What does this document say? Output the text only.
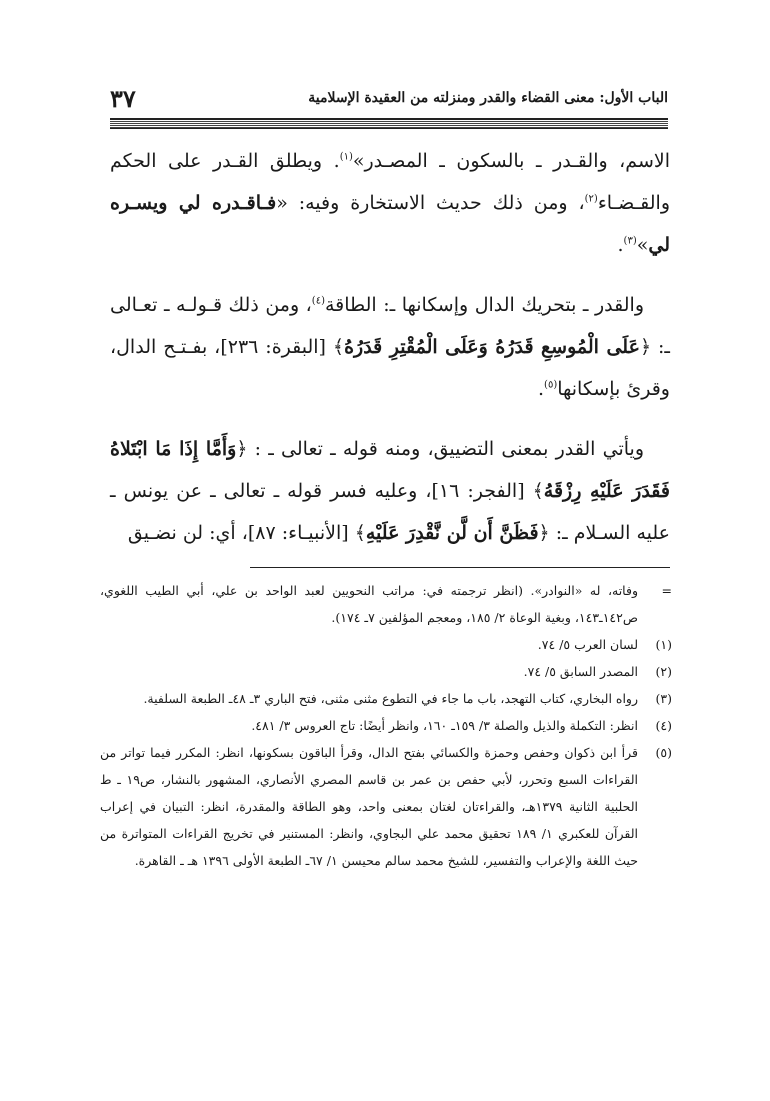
الباب الأول: معنى القضاء والقدر ومنزلته من العقيدة الإسلامية
٣٧

الاسم، والقـدر ـ بالسكون ـ المصـدر»$^{(١)}$. ويطلق القـدر على الحكم والقـضـاء$^{(٢)}$، ومن ذلك حديث الاستخارة وفيه: «فـاقـدره لي ويسـره لي»$^{(٣)}$.

والقدر ـ بتحريك الدال وإسكانها ـ: الطاقة$^{(٤)}$، ومن ذلك قـولـه ـ تعـالى ـ: ﴿عَلَى الْمُوسِعِ قَدَرُهُ وَعَلَى الْمُقْتِرِ قَدَرُهُ﴾ [البقرة: ٢٣٦]، بفـتـح الدال، وقرئ بإسكانها$^{(٥)}$.

ويأتي القدر بمعنى التضييق، ومنه قوله ـ تعالى ـ : ﴿وَأَمَّا إِذَا مَا ابْتَلاهُ فَقَدَرَ عَلَيْهِ رِزْقَهُ﴾ [الفجر: ١٦]، وعليه فسر قوله ـ تعالى ـ عن يونس ـ عليه السـلام ـ: ﴿فَظَنَّ أَن لَّن نَّقْدِرَ عَلَيْهِ﴾ [الأنبيـاء: ٨٧]، أي: لن نضـيق

=
وفاته، له «النوادر». (انظر ترجمته في: مراتب النحويين لعبد الواحد بن علي، أبي الطيب اللغوي، ص١٤٢ـ١٤٣، وبغية الوعاة ٢/ ١٨٥، ومعجم المؤلفين ٧ـ ١٧٤).
(١)
لسان العرب ٥/ ٧٤.
(٢)
المصدر السابق ٥/ ٧٤.
(٣)
رواه البخاري، كتاب التهجد، باب ما جاء في التطوع مثنى مثنى، فتح الباري ٣ـ ٤٨ـ الطبعة السلفية.
(٤)
انظر: التكملة والذيل والصلة ٣/ ١٥٩ـ ١٦٠، وانظر أيضًا: تاج العروس ٣/ ٤٨١.
(٥)
قرأ ابن ذكوان وحفص وحمزة والكسائي بفتح الدال، وقرأ الباقون بسكونها، انظر: المكرر فيما تواتر من القراءات السبع وتحرر، لأبي حفص بن عمر بن قاسم المصري الأنصاري، المشهور بالنشار، ص١٩ ـ ط الحلبية الثانية ١٣٧٩هـ، والقراءتان لغتان بمعنى واحد، وهو الطاقة والمقدرة، انظر: التبيان في إعراب القرآن للعكبري ١/ ١٨٩ تحقيق محمد علي البجاوي، وانظر: المستنير في تخريج القراءات المتواترة من حيث اللغة والإعراب والتفسير، للشيخ محمد سالم محيسن ١/ ٦٧ـ الطبعة الأولى ١٣٩٦ هـ ـ القاهرة.
